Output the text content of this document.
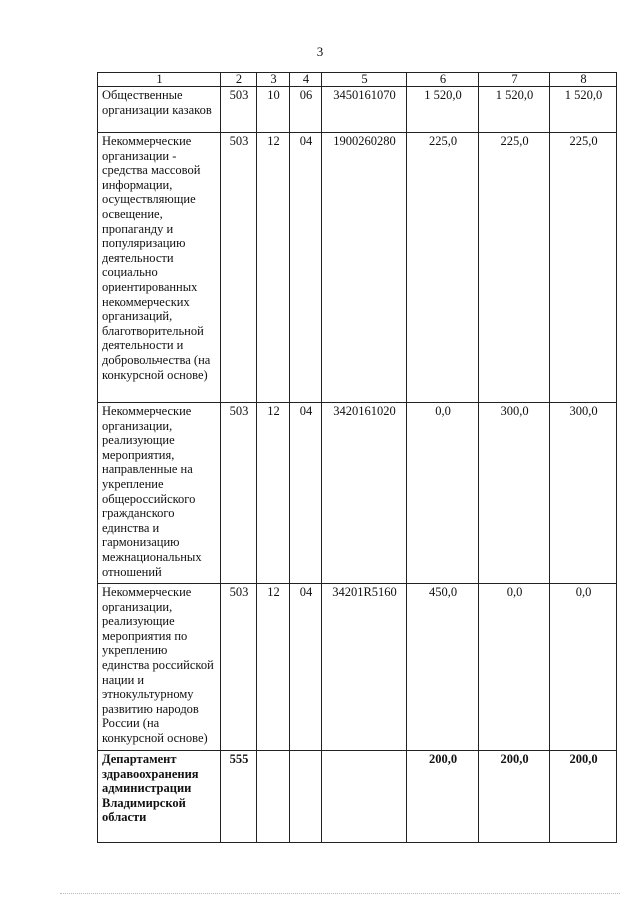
3
1	2	3	4	5	6	7	8
Общественные организации казаков	503	10	06	3450161070	1 520,0	1 520,0	1 520,0
Некоммерческие организации - средства массовой информации, осуществляющие освещение, пропаганду и популяризацию деятельности социально ориентированных некоммерческих организаций, благотворительной деятельности и добровольчества (на конкурсной основе)	503	12	04	1900260280	225,0	225,0	225,0
Некоммерческие организации, реализующие мероприятия, направленные на укрепление общероссийского гражданского единства и гармонизацию межнациональных отношений	503	12	04	3420161020	0,0	300,0	300,0
Некоммерческие организации, реализующие мероприятия по укреплению единства российской нации и этнокультурному развитию народов России (на конкурсной основе)	503	12	04	34201R5160	450,0	0,0	0,0
Департамент здравоохранения администрации Владимирской области	555				200,0	200,0	200,0
